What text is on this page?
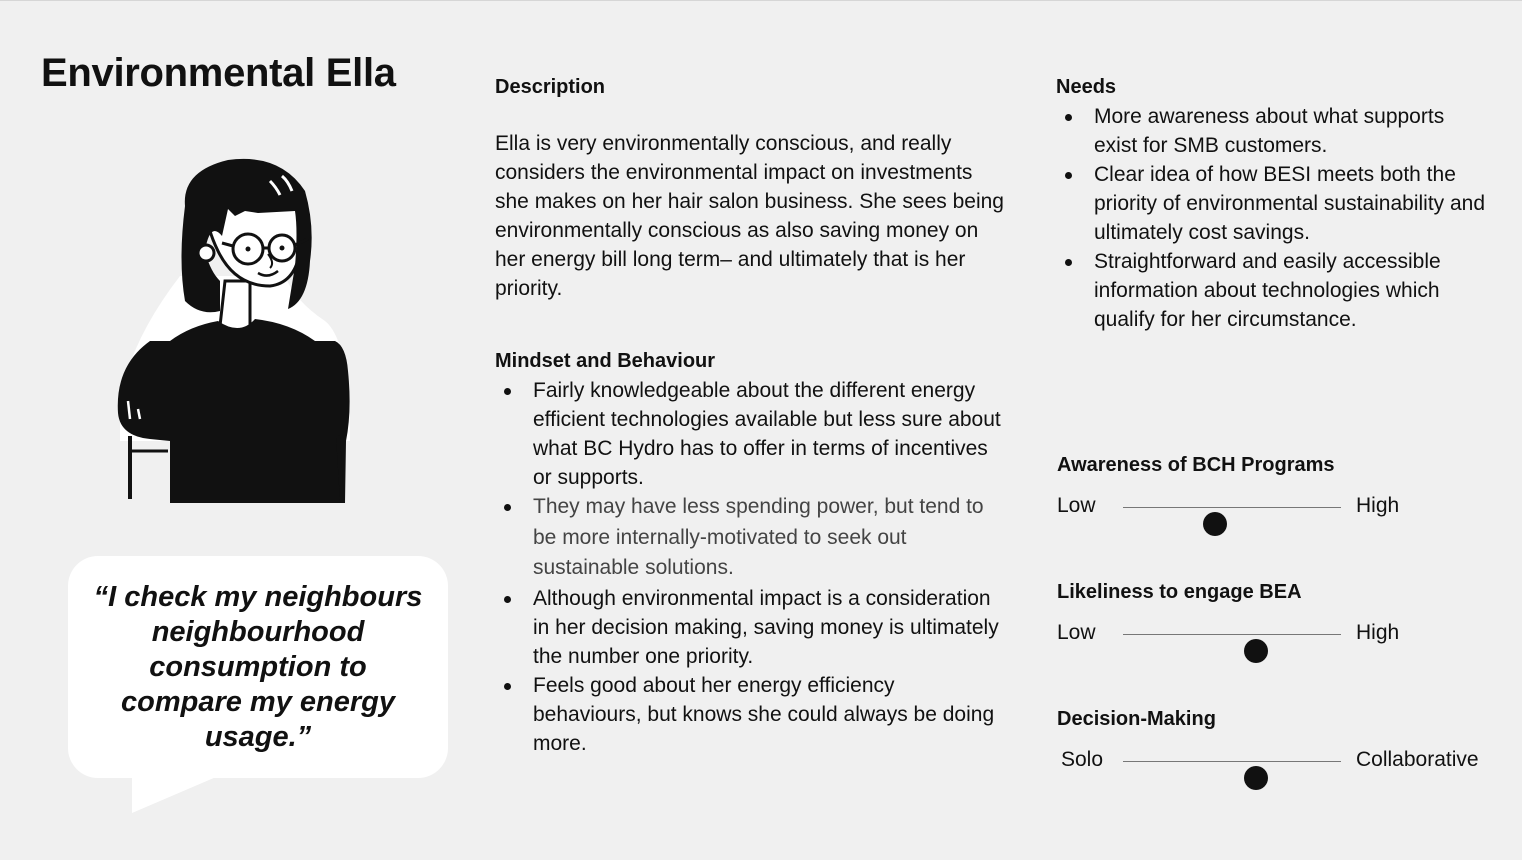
Environmental Ella

“I check my neighbours neighbourhood consumption to compare my energy usage.”

Description

Ella is very environmentally conscious, and really considers the environmental impact on investments she makes on her hair salon business. She sees being environmentally conscious as also saving money on her energy bill long term– and ultimately that is her priority.

Mindset and Behaviour
Fairly knowledgeable about the different energy efficient technologies available but less sure about what BC Hydro has to offer in terms of incentives or supports.
They may have less spending power, but tend to be more internally-motivated to seek out sustainable solutions.
Although environmental impact is a consideration in her decision making, saving money is ultimately the number one priority.
Feels good about her energy efficiency behaviours, but knows she could always be doing more.
Needs
More awareness about what supports exist for SMB customers.
Clear idea of how BESI meets both the priority of environmental sustainability and ultimately cost savings.
Straightforward and easily accessible information about technologies which qualify for her circumstance.

Awareness of BCH Programs

Low	High

Likeliness to engage BEA

Low	High

Decision-Making

Solo	Collaborative
